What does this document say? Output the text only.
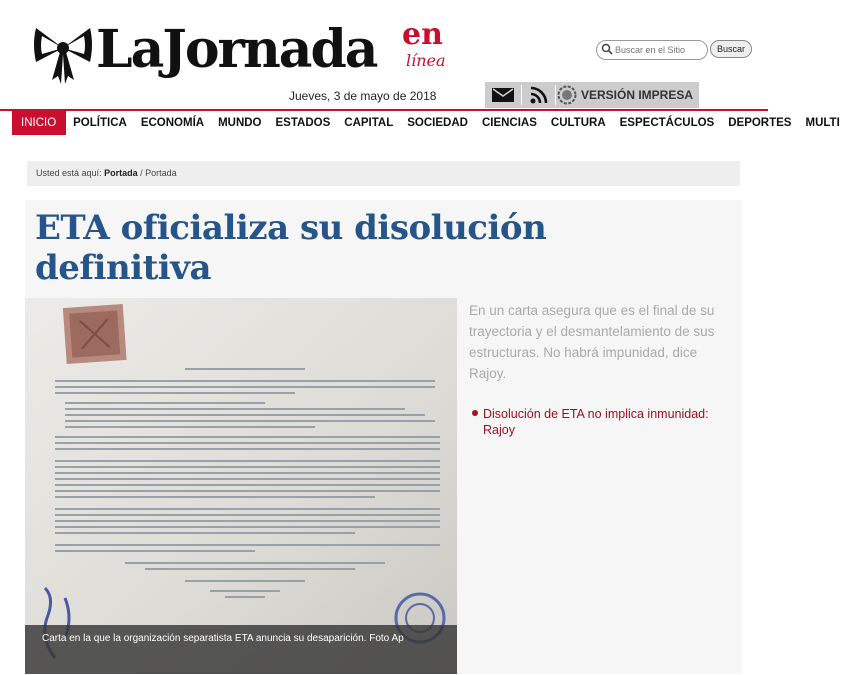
LaJornada en
línea
Buscar en el Sitio
Buscar
Jueves, 3 de mayo de 2018	VERSIÓN IMPRESA
INICIO POLÍTICA ECONOMÍA MUNDO ESTADOS CAPITAL SOCIEDAD CIENCIAS CULTURA ESPECTÁCULOS DEPORTES MULTI
Usted está aquí: Portada / Portada
ETA oficializa su disolución definitiva
Carta en la que la organización separatista ETA anuncia su desaparición. Foto Ap

En un carta asegura que es el final de su trayectoria y el desmantelamiento de sus estructuras. No habrá impunidad, dice Rajoy.

Disolución de ETA no implica inmunidad: Rajoy
